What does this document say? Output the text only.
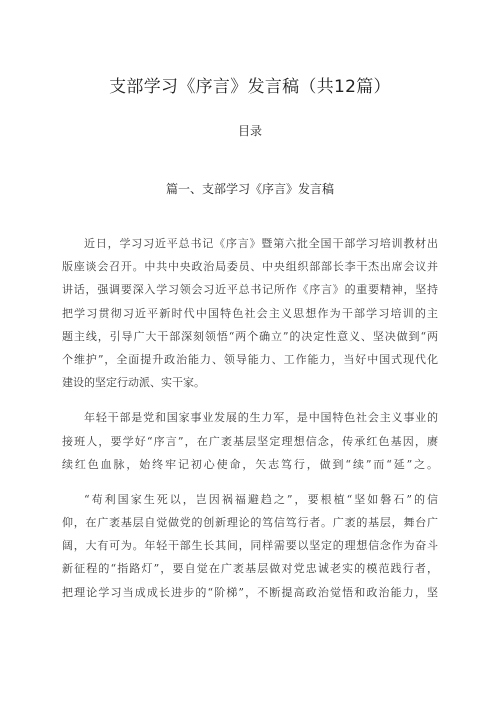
支部学习《序言》发言稿（共12篇）
目录
篇一、支部学习《序言》发言稿
近日，学习习近平总书记《序言》暨第六批全国干部学习培训教材出
版座谈会召开。中共中央政治局委员、中央组织部部长李干杰出席会议并
讲话，强调要深入学习领会习近平总书记所作《序言》的重要精神，坚持
把学习贯彻习近平新时代中国特色社会主义思想作为干部学习培训的主
题主线，引导广大干部深刻领悟“两个确立”的决定性意义、坚决做到“两
个维护”，全面提升政治能力、领导能力、工作能力，当好中国式现代化
建设的坚定行动派、实干家。
年轻干部是党和国家事业发展的生力军，是中国特色社会主义事业的
接班人，要学好“序言”，在广袤基层坚定理想信念，传承红色基因，赓
续红色血脉，始终牢记初心使命，矢志笃行，做到“续”而“延”之。
“苟利国家生死以，岂因祸福避趋之”，要根植“坚如磐石”的信
仰，在广袤基层自觉做党的创新理论的笃信笃行者。广袤的基层，舞台广
阔，大有可为。年轻干部生长其间，同样需要以坚定的理想信念作为奋斗
新征程的“指路灯”，要自觉在广袤基层做对党忠诚老实的模范践行者，
把理论学习当成成长进步的“阶梯”，不断提高政治觉悟和政治能力，坚
